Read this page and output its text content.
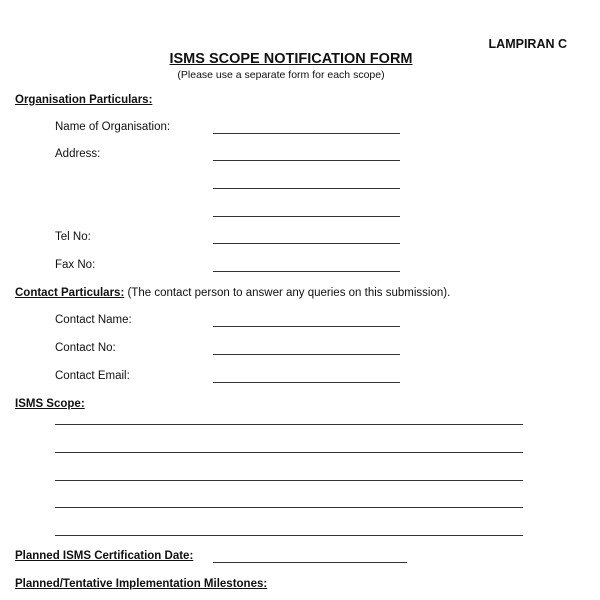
LAMPIRAN C
ISMS SCOPE NOTIFICATION FORM
(Please use a separate form for each scope)
Organisation Particulars:
Name of Organisation:
Address:
Tel No:
Fax No:
Contact Particulars: (The contact person to answer any queries on this submission).
Contact Name:
Contact No:
Contact Email:
ISMS Scope:
Planned ISMS Certification Date:
Planned/Tentative Implementation Milestones:
